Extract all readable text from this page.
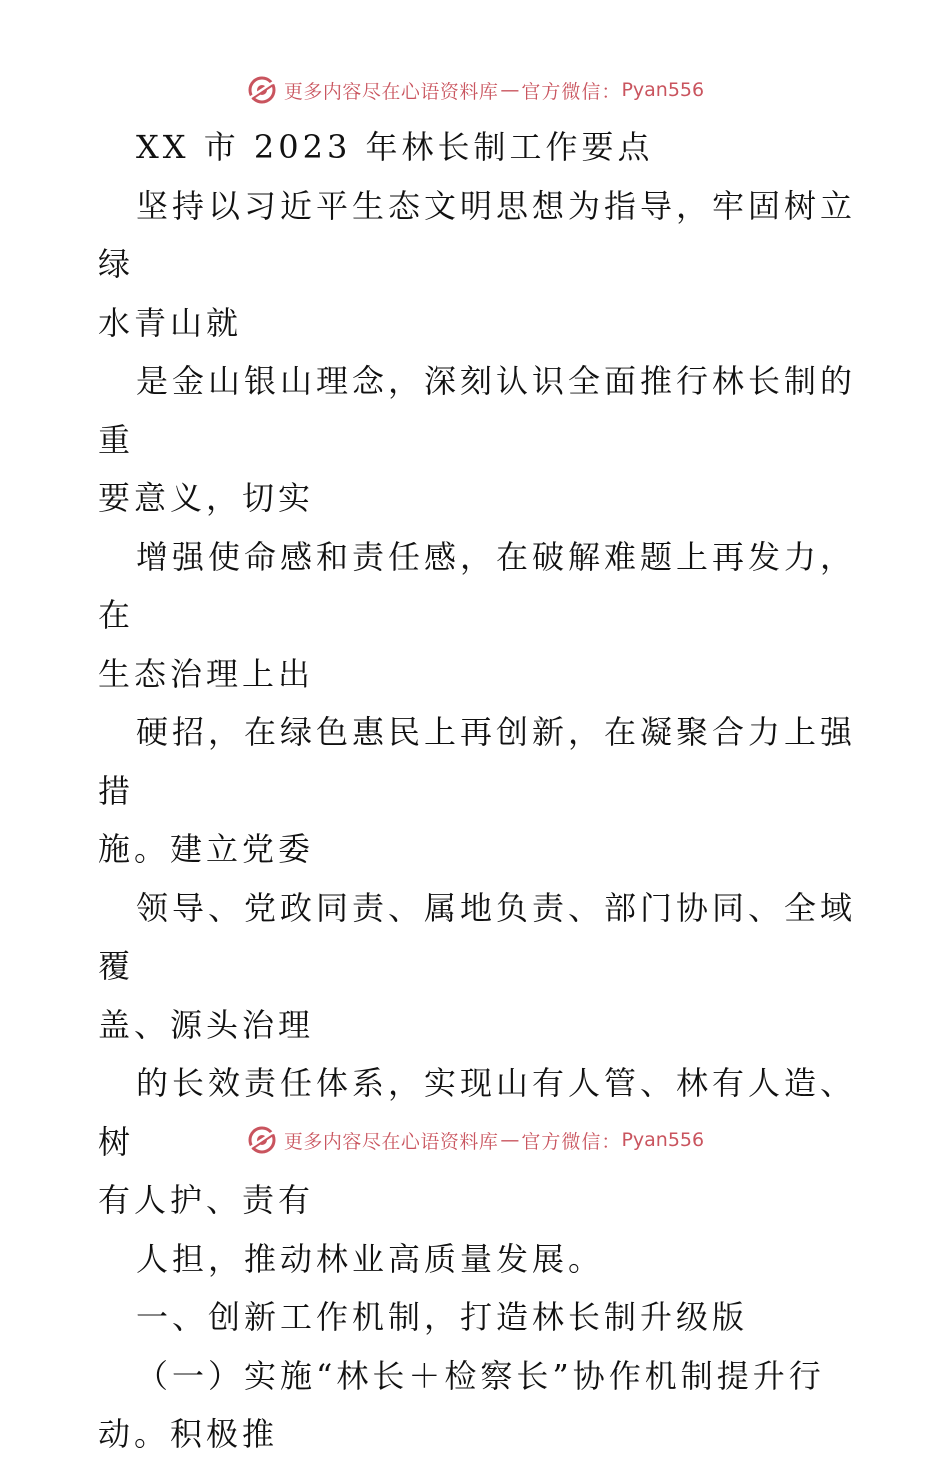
更多内容尽在心语资料库 — 官方微信： Pyan556

XX 市 2023 年林长制工作要点

坚持以习近平生态文明思想为指导，牢固树立绿
水青山就

是金山银山理念，深刻认识全面推行林长制的重
要意义，切实

增强使命感和责任感，在破解难题上再发力，在
生态治理上出

硬招，在绿色惠民上再创新，在凝聚合力上强措
施。建立党委

领导、党政同责、属地负责、部门协同、全域覆
盖、源头治理

的长效责任体系，实现山有人管、林有人造、树
有人护、责有

人担，推动林业高质量发展。

一、创新工作机制，打造林长制升级版

（一）实施“林长＋检察长”协作机制提升行
动。积极推

更多内容尽在心语资料库 — 官方微信： Pyan556
